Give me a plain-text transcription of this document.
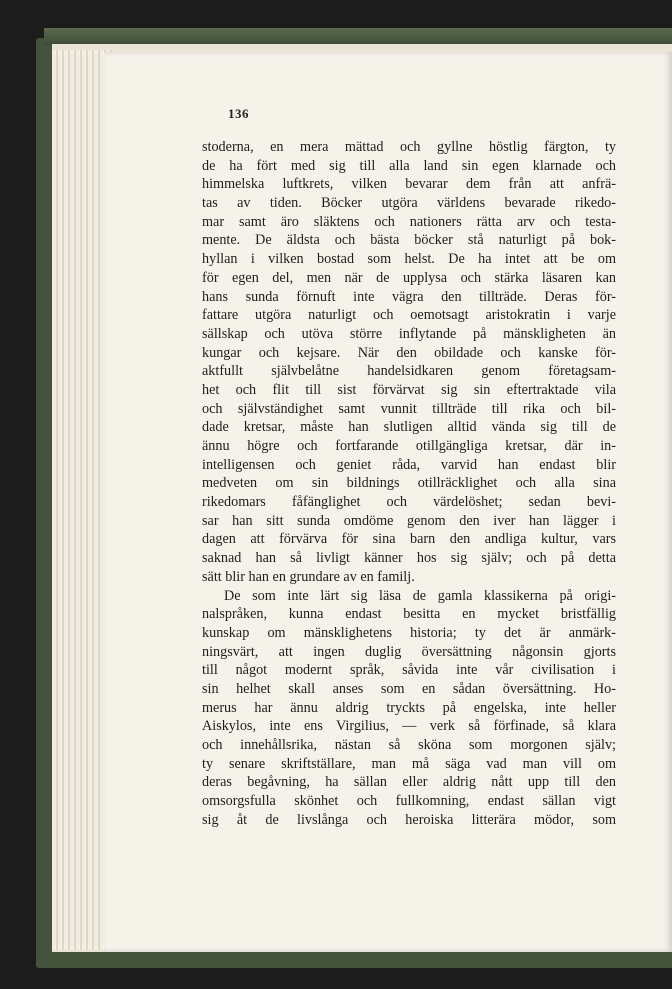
136
stoderna, en mera mättad och gyllne höstlig färgton, ty
de ha fört med sig till alla land sin egen klarnade och
himmelska luftkrets, vilken bevarar dem från att anfrä-
tas av tiden. Böcker utgöra världens bevarade rikedo-
mar samt äro släktens och nationers rätta arv och testa-
mente. De äldsta och bästa böcker stå naturligt på bok-
hyllan i vilken bostad som helst. De ha intet att be om
för egen del, men när de upplysa och stärka läsaren kan
hans sunda förnuft inte vägra den tillträde. Deras för-
fattare utgöra naturligt och oemotsagt aristokratin i varje
sällskap och utöva större inflytande på mänskligheten än
kungar och kejsare. När den obildade och kanske för-
aktfullt självbelåtne handelsidkaren genom företagsam-
het och flit till sist förvärvat sig sin eftertraktade vila
och självständighet samt vunnit tillträde till rika och bil-
dade kretsar, måste han slutligen alltid vända sig till de
ännu högre och fortfarande otillgängliga kretsar, där in-
intelligensen och geniet råda, varvid han endast blir
medveten om sin bildnings otillräcklighet och alla sina
rikedomars fåfänglighet och värdelöshet; sedan bevi-
sar han sitt sunda omdöme genom den iver han lägger i
dagen att förvärva för sina barn den andliga kultur, vars
saknad han så livligt känner hos sig själv; och på detta
sätt blir han en grundare av en familj.
De som inte lärt sig läsa de gamla klassikerna på origi-
nalspråken, kunna endast besitta en mycket bristfällig
kunskap om mänsklighetens historia; ty det är anmärk-
ningsvärt, att ingen duglig översättning någonsin gjorts
till något modernt språk, såvida inte vår civilisation i
sin helhet skall anses som en sådan översättning. Ho-
merus har ännu aldrig tryckts på engelska, inte heller
Aiskylos, inte ens Virgilius, — verk så förfinade, så klara
och innehållsrika, nästan så sköna som morgonen själv;
ty senare skriftställare, man må säga vad man vill om
deras begåvning, ha sällan eller aldrig nått upp till den
omsorgsfulla skönhet och fullkomning, endast sällan vigt
sig åt de livslånga och heroiska litterära mödor, som
